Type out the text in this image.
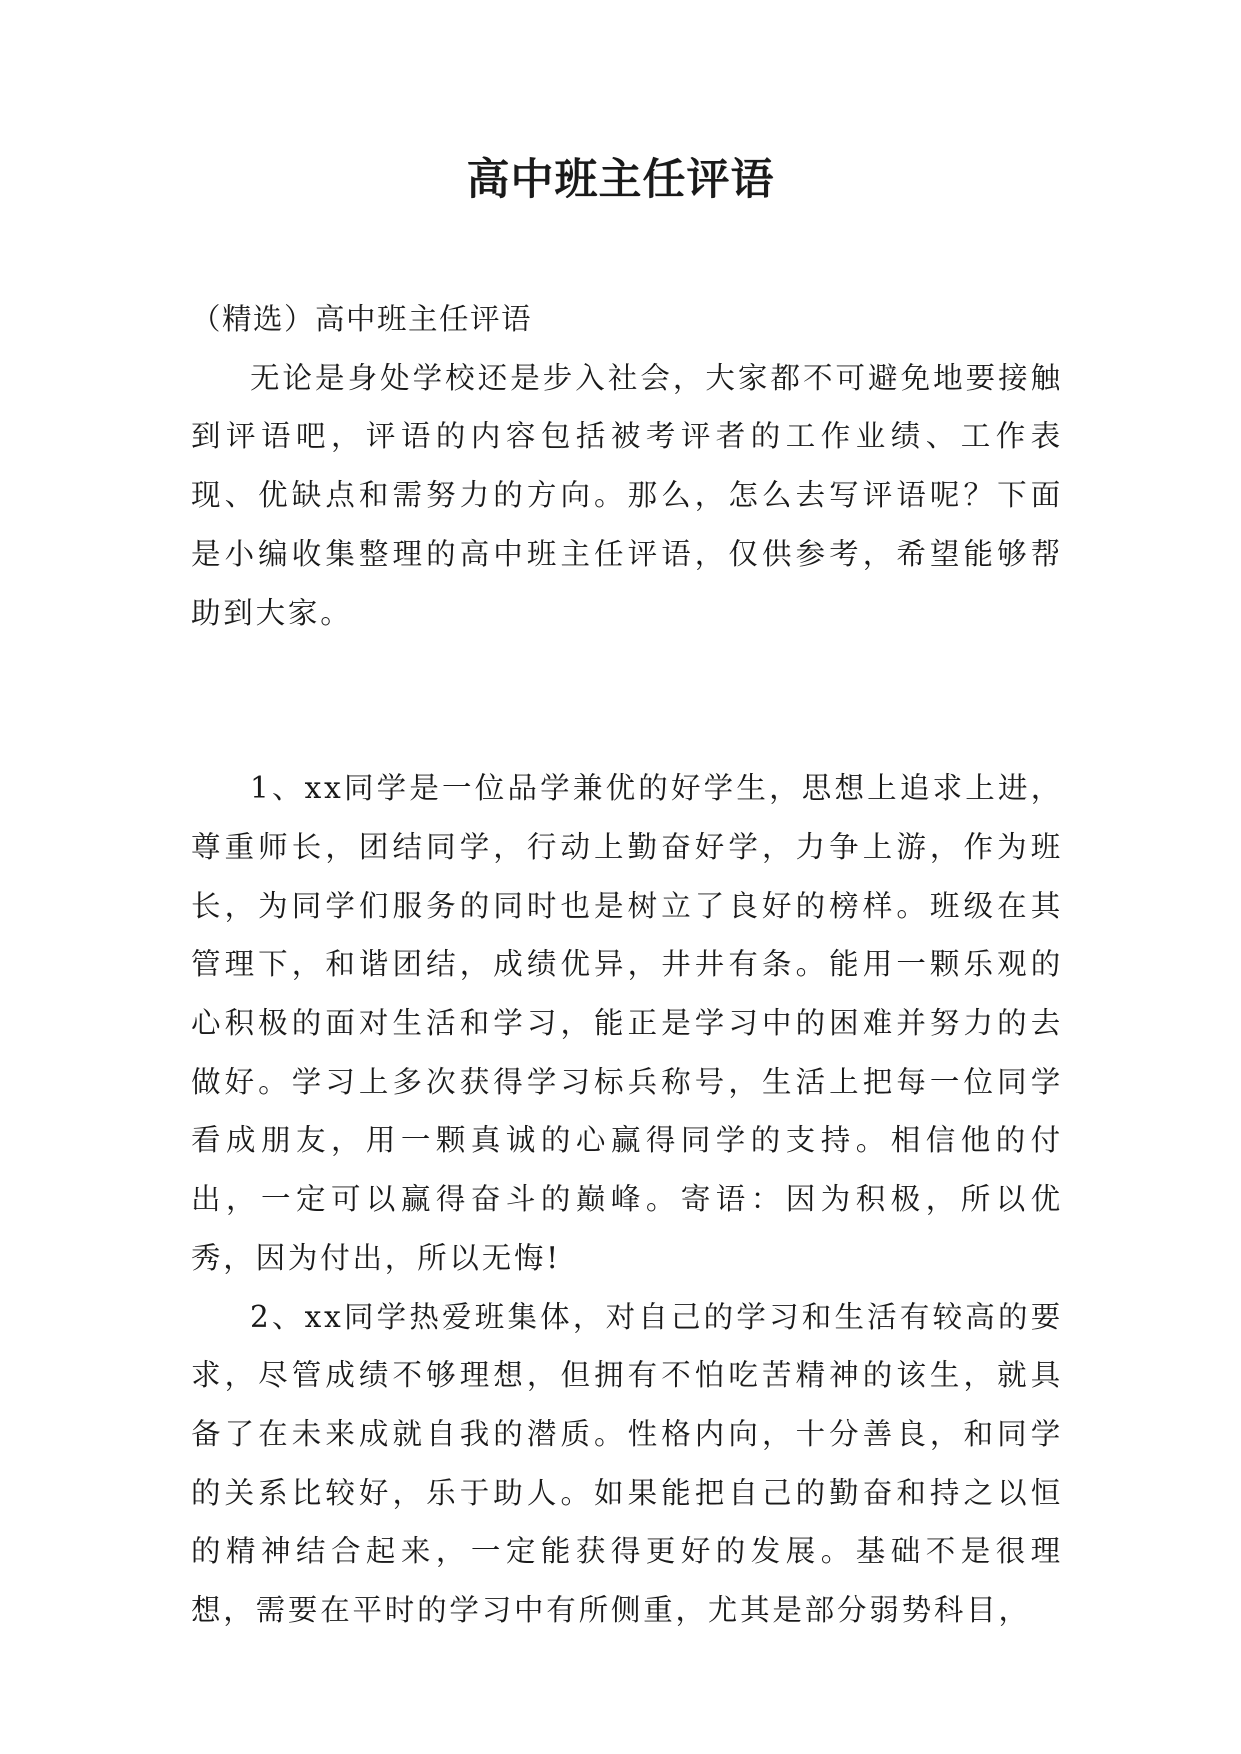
高中班主任评语

（精选）高中班主任评语

无论是身处学校还是步入社会，大家都不可避免地要接触到评语吧，评语的内容包括被考评者的工作业绩、工作表现、优缺点和需努力的方向。那么，怎么去写评语呢？下面是小编收集整理的高中班主任评语，仅供参考，希望能够帮助到大家。

1、xx同学是一位品学兼优的好学生，思想上追求上进，尊重师长，团结同学，行动上勤奋好学，力争上游，作为班长，为同学们服务的同时也是树立了良好的榜样。班级在其管理下，和谐团结，成绩优异，井井有条。能用一颗乐观的心积极的面对生活和学习，能正是学习中的困难并努力的去做好。学习上多次获得学习标兵称号，生活上把每一位同学看成朋友，用一颗真诚的心赢得同学的支持。相信他的付出，一定可以赢得奋斗的巅峰。寄语：因为积极，所以优秀，因为付出，所以无悔!

2、xx同学热爱班集体，对自己的学习和生活有较高的要求，尽管成绩不够理想，但拥有不怕吃苦精神的该生，就具备了在未来成就自我的潜质。性格内向，十分善良，和同学的关系比较好，乐于助人。如果能把自己的勤奋和持之以恒的精神结合起来，一定能获得更好的发展。基础不是很理想，需要在平时的学习中有所侧重，尤其是部分弱势科目，
